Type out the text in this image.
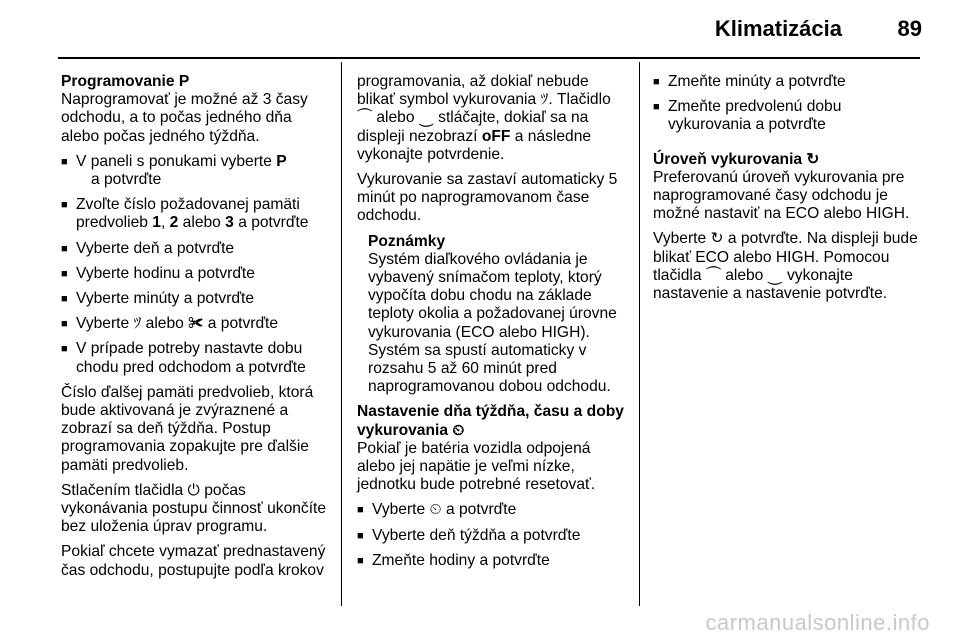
Klimatizácia	89

Programovanie P

Naprogramovať je možné až 3 časy odchodu, a to počas jedného dňa alebo počas jedného týždňa.

■ V paneli s ponukami vyberte P
a potvrďte
■ Zvoľte číslo požadovanej pamäti predvolieb 1, 2 alebo 3 a potvrďte
■ Vyberte deň a potvrďte
■ Vyberte hodinu a potvrďte
■ Vyberte minúty a potvrďte
■ Vyberte ﾂ alebo ✀ a potvrďte
■ V prípade potreby nastavte dobu chodu pred odchodom a potvrďte

Číslo ďalšej pamäti predvolieb, ktorá bude aktivovaná je zvýraznené a zobrazí sa deň týždňa. Postup programovania zopakujte pre ďalšie pamäti predvolieb.

Stlačením tlačidla ⏻ počas vykonávania postupu činnosť ukončíte bez uloženia úprav programu.

Pokiaľ chcete vymazať prednastavený čas odchodu, postupujte podľa krokov

programovania, až dokiaľ nebude blikať symbol vykurovania ﾂ. Tlačidlo ⏜ alebo ⏝ stláčajte, dokiaľ sa na displeji nezobrazí oFF a následne vykonajte potvrdenie.

Vykurovanie sa zastaví automaticky 5 minút po naprogramovanom čase odchodu.

Poznámky
Systém diaľkového ovládania je vybavený snímačom teploty, ktorý vypočíta dobu chodu na základe teploty okolia a požadovanej úrovne vykurovania (ECO alebo HIGH). Systém sa spustí automaticky v rozsahu 5 až 60 minút pred naprogramovanou dobou odchodu.

Nastavenie dňa týždňa, času a doby vykurovania ⏲

Pokiaľ je batéria vozidla odpojená alebo jej napätie je veľmi nízke, jednotku bude potrebné resetovať.

■ Vyberte ⏲ a potvrďte
■ Vyberte deň týždňa a potvrďte
■ Zmeňte hodiny a potvrďte
■ Zmeňte minúty a potvrďte
■ Zmeňte predvolenú dobu vykurovania a potvrďte

Úroveň vykurovania ↻

Preferovanú úroveň vykurovania pre naprogramované časy odchodu je možné nastaviť na ECO alebo HIGH.

Vyberte ↻ a potvrďte. Na displeji bude blikať ECO alebo HIGH. Pomocou tlačidla ⏜ alebo ⏝ vykonajte nastavenie a nastavenie potvrďte.

carmanualsonline.info
